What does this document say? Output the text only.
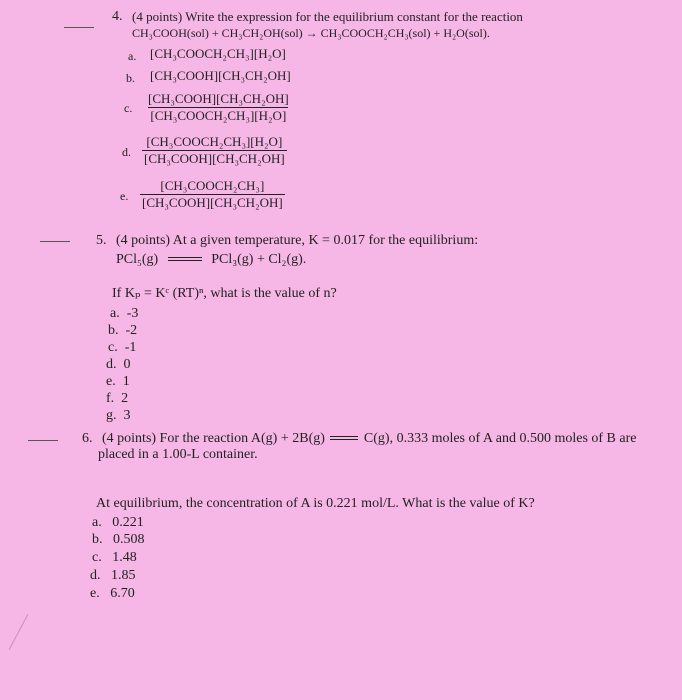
4. (4 points) Write the expression for the equilibrium constant for the reaction
CH₃COOH(sol) + CH₃CH₂OH(sol) → CH₃COOCH₂CH₃(sol) + H₂O(sol).
a. [CH₃COOCH₂CH₃][H₂O]
b. [CH₃COOH][CH₃CH₂OH]
c.
[CH₃COOH][CH₃CH₂OH]
[CH₃COOCH₂CH₃][H₂O]
d.
[CH₃COOCH₂CH₃][H₂O]
[CH₃COOH][CH₃CH₂OH]
e.
[CH₃COOCH₂CH₃]
[CH₃COOH][CH₃CH₂OH]
5. (4 points) At a given temperature, K = 0.017 for the equilibrium:
PCl₅(g)	PCl₃(g) + Cl₂(g).
If Kₚ = Kᶜ (RT)ⁿ, what is the value of n?
a. -3
b. -2
c. -1
d. 0
e. 1
f. 2
g. 3
6. (4 points) For the reaction A(g) + 2B(g)	C(g), 0.333 moles of A and 0.500 moles of B are
placed in a 1.00-L container.
At equilibrium, the concentration of A is 0.221 mol/L. What is the value of K?
a. 0.221
b. 0.508
c. 1.48
d. 1.85
e. 6.70
